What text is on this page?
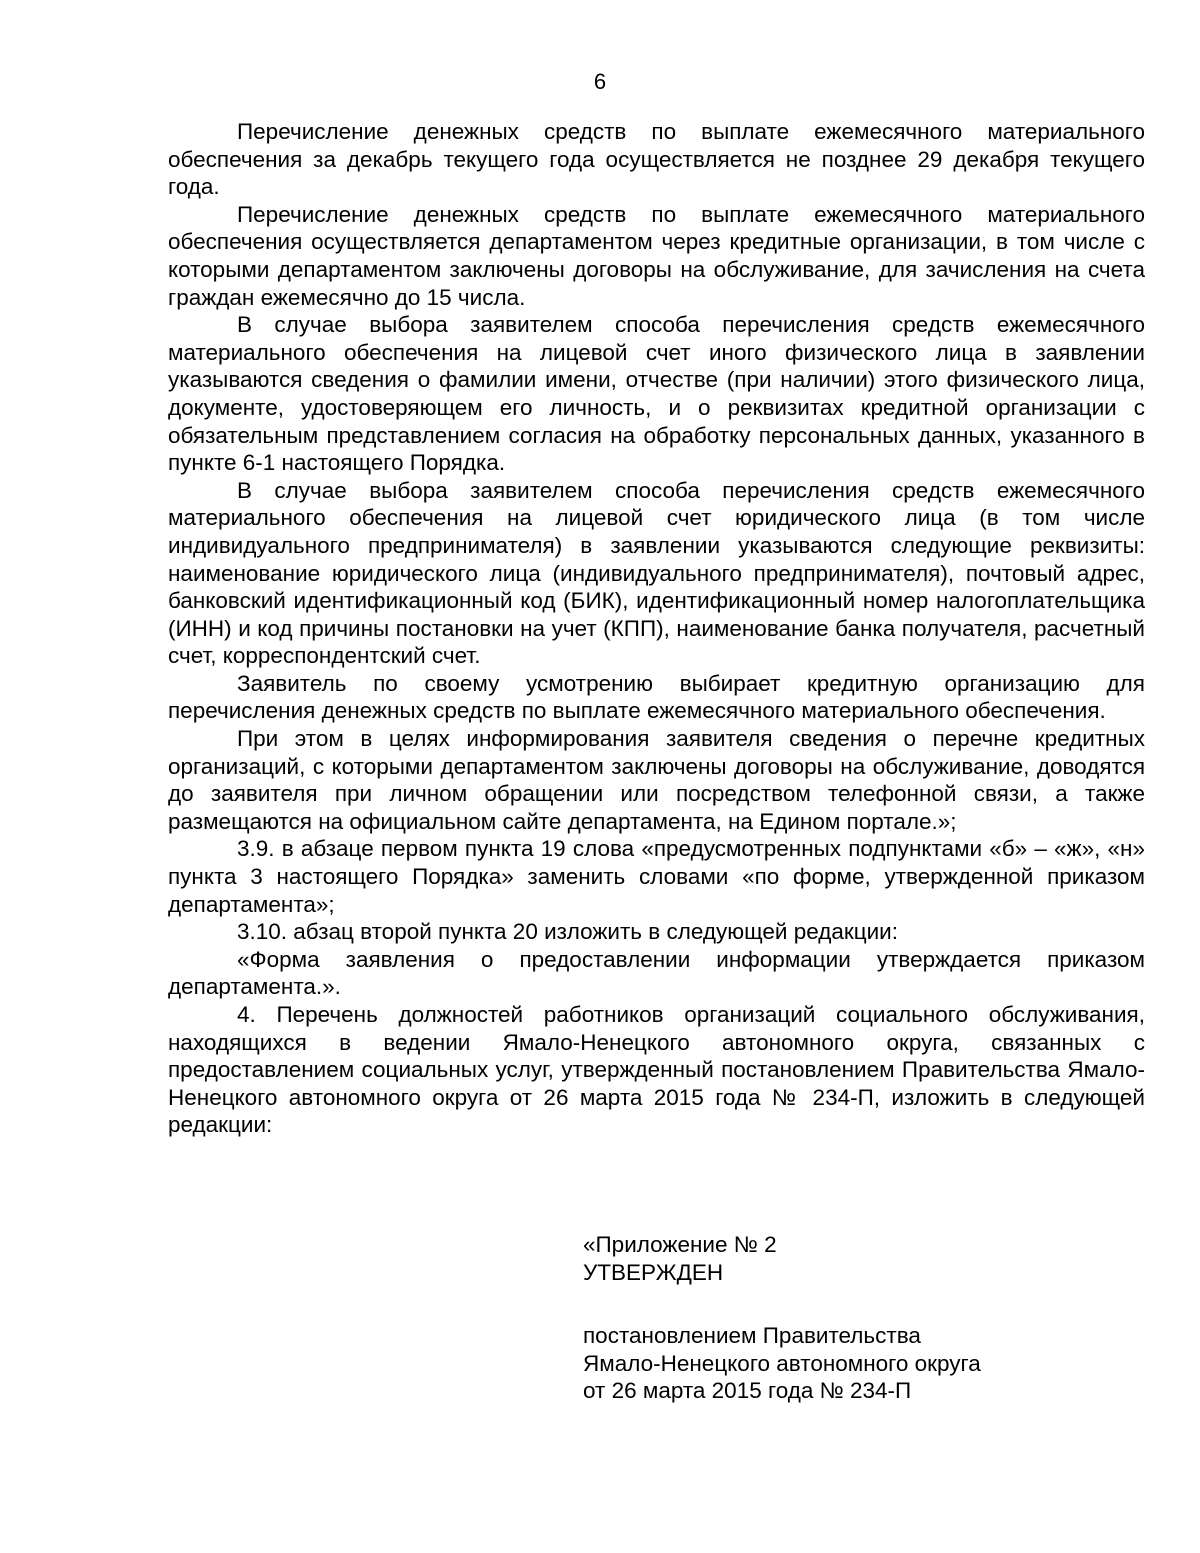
6

Перечисление денежных средств по выплате ежемесячного материального обеспечения за декабрь текущего года осуществляется не позднее 29 декабря текущего года.

Перечисление денежных средств по выплате ежемесячного материального обеспечения осуществляется департаментом через кредитные организации, в том числе с которыми департаментом заключены договоры на обслуживание, для зачисления на счета граждан ежемесячно до 15 числа.

В случае выбора заявителем способа перечисления средств ежемесячного материального обеспечения на лицевой счет иного физического лица в заявлении указываются сведения о фамилии имени, отчестве (при наличии) этого физического лица, документе, удостоверяющем его личность, и о реквизитах кредитной организации с обязательным представлением согласия на обработку персональных данных, указанного в пункте 6-1 настоящего Порядка.

В случае выбора заявителем способа перечисления средств ежемесячного материального обеспечения на лицевой счет юридического лица (в том числе индивидуального предпринимателя) в заявлении указываются следующие реквизиты: наименование юридического лица (индивидуального предпринимателя), почтовый адрес, банковский идентификационный код (БИК), идентификационный номер налогоплательщика (ИНН) и код причины постановки на учет (КПП), наименование банка получателя, расчетный счет, корреспондентский счет.

Заявитель по своему усмотрению выбирает кредитную организацию для перечисления денежных средств по выплате ежемесячного материального обеспечения.

При этом в целях информирования заявителя сведения о перечне кредитных организаций, с которыми департаментом заключены договоры на обслуживание, доводятся до заявителя при личном обращении или посредством телефонной связи, а также размещаются на официальном сайте департамента, на Едином портале.»;

3.9. в абзаце первом пункта 19 слова «предусмотренных подпунктами «б» – «ж», «н» пункта 3 настоящего Порядка» заменить словами «по форме, утвержденной приказом департамента»;

3.10. абзац второй пункта 20 изложить в следующей редакции:

«Форма заявления о предоставлении информации утверждается приказом департамента.».

4. Перечень должностей работников организаций социального обслуживания, находящихся в ведении Ямало-Ненецкого автономного округа, связанных с предоставлением социальных услуг, утвержденный постановлением Правительства Ямало-Ненецкого автономного округа от 26 марта 2015 года № 234-П, изложить в следующей редакции:

«Приложение № 2
УТВЕРЖДЕН
постановлением Правительства
Ямало-Ненецкого автономного округа
от 26 марта 2015 года № 234-П
